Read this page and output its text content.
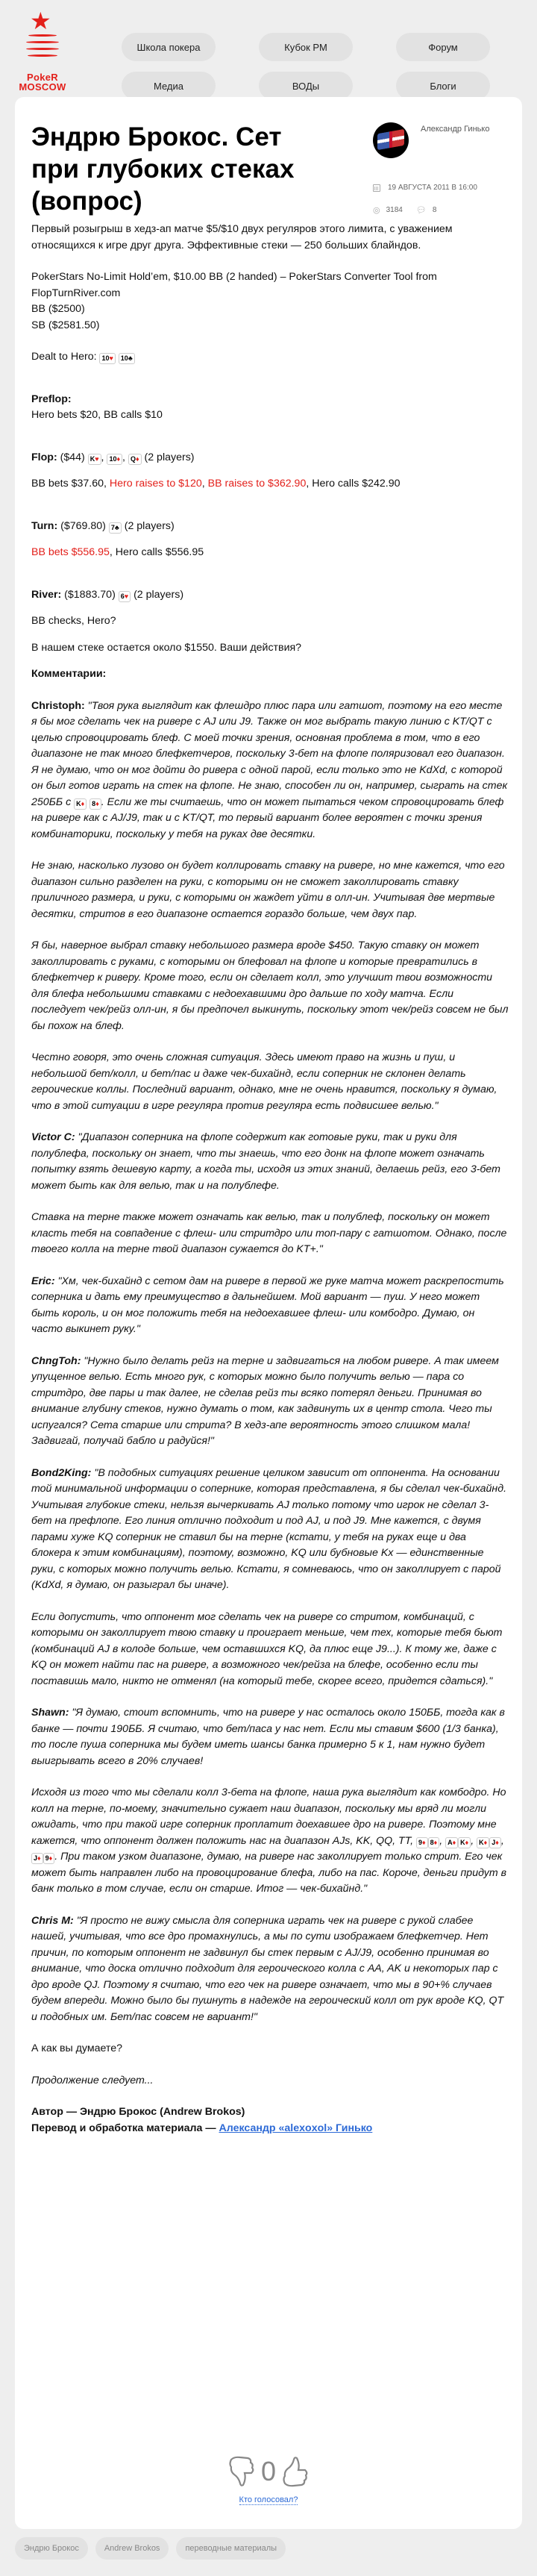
★
PokeR
MOSCOW
Школа покера	Кубок РМ	Форум
Медиа	ВОДы	Блоги
Эндрю Брокос. Сет при глубоких стеках (вопрос)
Александр Гинько
19 АВГУСТА 2011 В 16:00
◎ 3184 💬︎ 8

Первый розыгрыш в хедз-ап матче $5/$10 двух регуляров этого лимита, с уважением относящихся к игре друг друга. Эффективные стеки — 250 больших блайндов.

PokerStars No-Limit Hold’em, $10.00 BB (2 handed) – PokerStars Converter Tool from FlopTurnRiver.com

BB ($2500)

SB ($2581.50)

Dealt to Hero: 10♥ 10♣

Preflop:

Hero bets $20, BB calls $10

Flop: ($44) K♥ , 10♦ , Q♦ (2 players)

BB bets $37.60, Hero raises to $120, BB raises to $362.90, Hero calls $242.90

Turn: ($769.80) 7♣ (2 players)

BB bets $556.95, Hero calls $556.95

River: ($1883.70) 6♥ (2 players)

BB checks, Hero?

В нашем стеке остается около $1550. Ваши действия?

Комментарии:

Christoph: "Твоя рука выглядит как флешдро плюс пара или гатшот, поэтому на его месте я бы мог сделать чек на ривере с AJ или J9. Также он мог выбрать такую линию с KT/QT с целью спровоцировать блеф. С моей точки зрения, основная проблема в том, что в его диапазоне не так много блефкетчеров, поскольку 3-бет на флопе поляризовал его диапазон. Я не думаю, что он мог дойти до ривера с одной парой, если только это не KdXd, с которой он был готов играть на стек на флопе. Не знаю, способен ли он, например, сыграть на стек 250ББ с K♦ 8♦ . Если же ты считаешь, что он может пытаться чеком спровоцировать блеф на ривере как с AJ/J9, так и с KT/QT, то первый вариант более вероятен с точки зрения комбинаторики, поскольку у тебя на руках две десятки.

Не знаю, насколько лузово он будет коллировать ставку на ривере, но мне кажется, что его диапазон сильно разделен на руки, с которыми он не сможет заколлировать ставку приличного размера, и руки, с которыми он жаждет уйти в олл-ин. Учитывая две мертвые десятки, стритов в его диапазоне остается гораздо больше, чем двух пар.

Я бы, наверное выбрал ставку небольшого размера вроде $450. Такую ставку он может заколлировать с руками, с которыми он блефовал на флопе и которые превратились в блефкетчер к риверу. Кроме того, если он сделает колл, это улучшит твои возможности для блефа небольшими ставками с недоехавшими дро дальше по ходу матча. Если последует чек/рейз олл-ин, я бы предпочел выкинуть, поскольку этот чек/рейз совсем не был бы похож на блеф.

Честно говоря, это очень сложная ситуация. Здесь имеют право на жизнь и пуш, и небольшой бет/колл, и бет/пас и даже чек-бихайнд, если соперник не склонен делать героические коллы. Последний вариант, однако, мне не очень нравится, поскольку я думаю, что в этой ситуации в игре регуляра против регуляра есть подвисшее велью."

Victor C: "Диапазон соперника на флопе содержит как готовые руки, так и руки для полублефа, поскольку он знает, что ты знаешь, что его донк на флопе может означать попытку взять дешевую карту, а когда ты, исходя из этих знаний, делаешь рейз, его 3-бет может быть как для велью, так и на полублефе.

Ставка на терне также может означать как велью, так и полублеф, поскольку он может класть тебя на совпадение с флеш- или стритдро или топ-пару с гатшотом. Однако, после твоего колла на терне твой диапазон сужается до KT+."

Eric: "Хм, чек-бихайнд с сетом дам на ривере в первой же руке матча может раскрепостить соперника и дать ему преимущество в дальнейшем. Мой вариант — пуш. У него может быть король, и он мог положить тебя на недоехавшее флеш- или комбодро. Думаю, он часто выкинет руку."

ChngToh: "Нужно было делать рейз на терне и задвигаться на любом ривере. А так имеем упущенное велью. Есть много рук, с которых можно было получить велью — пара со стритдро, две пары и так далее, не сделав рейз ты всяко потерял деньги. Принимая во внимание глубину стеков, нужно думать о том, как задвинуть их в центр стола. Чего ты испугался? Сета старше или стрита? В хедз-апе вероятность этого слишком мала! Задвигай, получай бабло и радуйся!"

Bond2King: "В подобных ситуациях решение целиком зависит от оппонента. На основании той минимальной информации о сопернике, которая представлена, я бы сделал чек-бихайнд. Учитывая глубокие стеки, нельзя вычеркивать AJ только потому что игрок не сделал 3-бет на префлопе. Его линия отлично подходит и под AJ, и под J9. Мне кажется, с двумя парами хуже KQ соперник не ставил бы на терне (кстати, у тебя на руках еще и два блокера к этим комбинациям), поэтому, возможно, KQ или бубновые Kx — единственные руки, с которых можно получить велью. Кстати, я сомневаюсь, что он заколлирует с парой (KdXd, я думаю, он разыграл бы иначе).

Если допустить, что оппонент мог сделать чек на ривере со стритом, комбинаций, с которыми он заколлирует твою ставку и проиграет меньше, чем тех, которые тебя бьют (комбинаций AJ в колоде больше, чем оставшихся KQ, да плюс еще J9...). К тому же, даже с KQ он может найти пас на ривере, а возможного чек/рейза на блефе, особенно если ты поставишь мало, никто не отменял (на который тебе, скорее всего, придется сдаться)."

Shawn: "Я думаю, стоит вспомнить, что на ривере у нас осталось около 150ББ, тогда как в банке — почти 190ББ. Я считаю, что бет/паса у нас нет. Если мы ставим $600 (1/3 банка), то после пуша соперника мы будем иметь шансы банка примерно 5 к 1, нам нужно будет выигрывать всего в 20% случаев!

Исходя из того что мы сделали колл 3-бета на флопе, наша рука выглядит как комбодро. Но колл на терне, по-моему, значительно сужает наш диапазон, поскольку мы вряд ли могли ожидать, что при такой игре соперник проплатит доехавшее дро на ривере. Поэтому мне кажется, что оппонент должен положить нас на диапазон AJs, KK, QQ, TT, 9♦ 8♦ , A♦ K♦ , K♦ J♦ , J♦ 9♦ . При таком узком диапазоне, думаю, на ривере нас заколлирует только стрит. Его чек может быть направлен либо на провоцирование блефа, либо на пас. Короче, деньги придут в банк только в том случае, если он старше. Итог — чек-бихайнд."

Chris M: "Я просто не вижу смысла для соперника играть чек на ривере с рукой слабее нашей, учитывая, что все дро промахнулись, а мы по сути изображаем блефкетчер. Нет причин, по которым оппонент не задвинул бы стек первым с AJ/J9, особенно принимая во внимание, что доска отлично подходит для героического колла с AA, AK и некоторых пар с дро вроде QJ. Поэтому я считаю, что его чек на ривере означает, что мы в 90+% случаев будем впереди. Можно было бы пушнуть в надежде на героический колл от рук вроде KQ, QT и подобных им. Бет/пас совсем не вариант!"

А как вы думаете?

Продолжение следует...

Автор — Эндрю Брокос (Andrew Brokos)

Перевод и обработка материала — Александр «alexoxol» Гинько

0
Кто голосовал?
Эндрю Брокос	Andrew Brokos	переводные материалы
